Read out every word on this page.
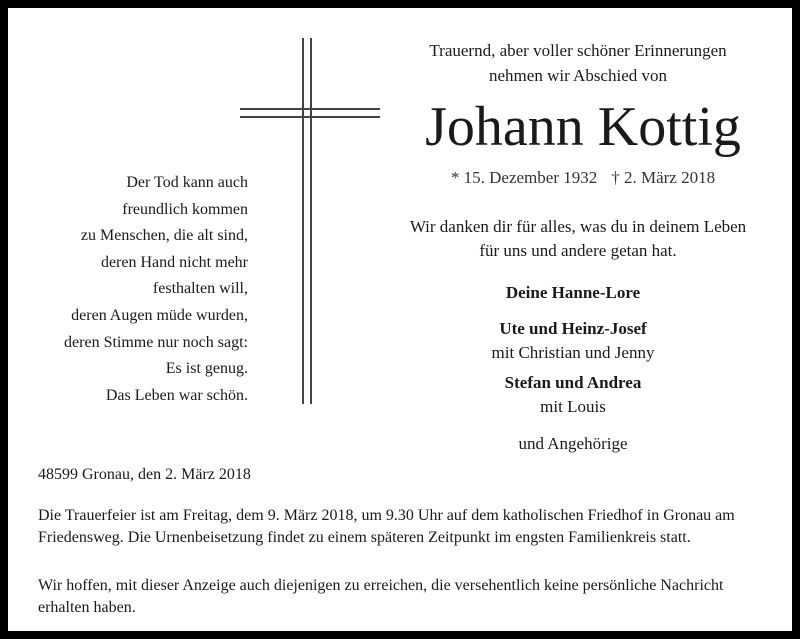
Trauernd, aber voller schöner Erinnerungen
nehmen wir Abschied von
Johann Kottig
* 15. Dezember 1932 † 2. März 2018
Wir danken dir für alles, was du in deinem Leben
für uns und andere getan hat.
Deine Hanne-Lore
Ute und Heinz-Josef
mit Christian und Jenny
Stefan und Andrea
mit Louis
und Angehörige
Der Tod kann auch
freundlich kommen
zu Menschen, die alt sind,
deren Hand nicht mehr
festhalten will,
deren Augen müde wurden,
deren Stimme nur noch sagt:
Es ist genug.
Das Leben war schön.
48599 Gronau, den 2. März 2018
Die Trauerfeier ist am Freitag, dem 9. März 2018, um 9.30 Uhr auf dem katholischen Friedhof in Gronau am Friedensweg. Die Urnenbeisetzung findet zu einem späteren Zeitpunkt im engsten Familienkreis statt.
Wir hoffen, mit dieser Anzeige auch diejenigen zu erreichen, die versehentlich keine persönliche Nachricht erhalten haben.
